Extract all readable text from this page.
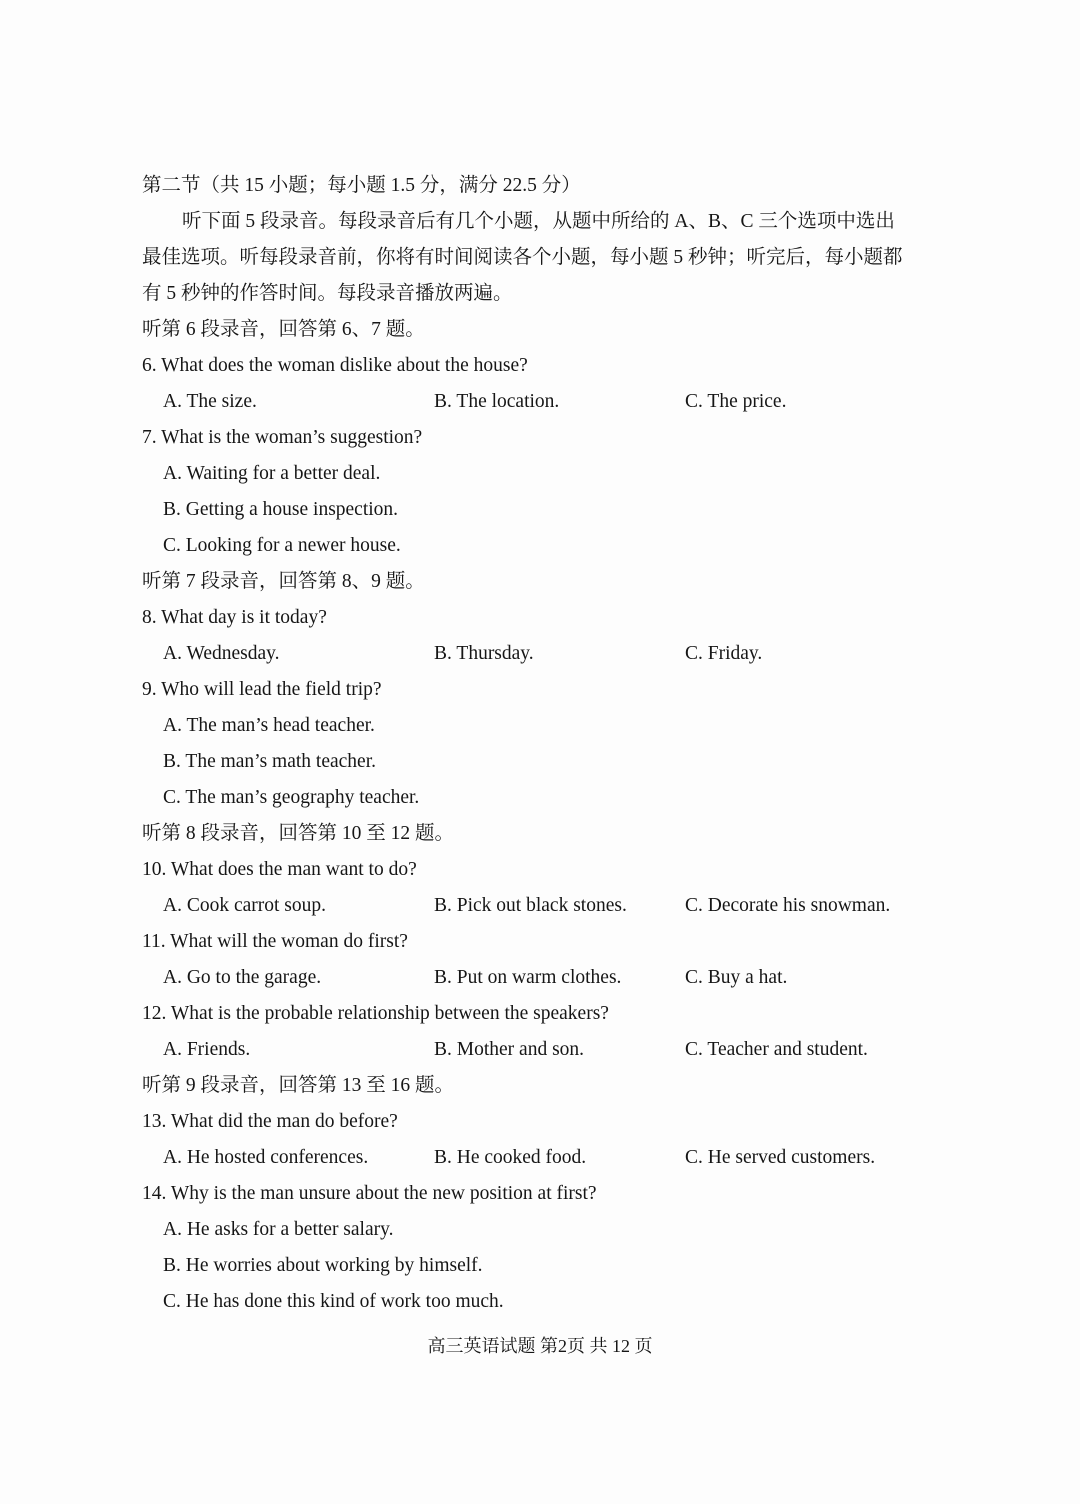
第二节（共 15 小题；每小题 1.5 分，满分 22.5 分）
听下面 5 段录音。每段录音后有几个小题，从题中所给的 A、B、C 三个选项中选出
最佳选项。听每段录音前，你将有时间阅读各个小题，每小题 5 秒钟；听完后，每小题都
有 5 秒钟的作答时间。每段录音播放两遍。
听第 6 段录音，回答第 6、7 题。
6. What does the woman dislike about the house?
A. The size.	B. The location.	C. The price.
7. What is the woman’s suggestion?
A. Waiting for a better deal.
B. Getting a house inspection.
C. Looking for a newer house.
听第 7 段录音，回答第 8、9 题。
8. What day is it today?
A. Wednesday.	B. Thursday.	C. Friday.
9. Who will lead the field trip?
A. The man’s head teacher.
B. The man’s math teacher.
C. The man’s geography teacher.
听第 8 段录音，回答第 10 至 12 题。
10. What does the man want to do?
A. Cook carrot soup.	B. Pick out black stones.	C. Decorate his snowman.
11. What will the woman do first?
A. Go to the garage.	B. Put on warm clothes.	C. Buy a hat.
12. What is the probable relationship between the speakers?
A. Friends.	B. Mother and son.	C. Teacher and student.
听第 9 段录音，回答第 13 至 16 题。
13. What did the man do before?
A. He hosted conferences.	B. He cooked food.	C. He served customers.
14. Why is the man unsure about the new position at first?
A. He asks for a better salary.
B. He worries about working by himself.
C. He has done this kind of work too much.
高三英语试题 第2页 共 12 页
